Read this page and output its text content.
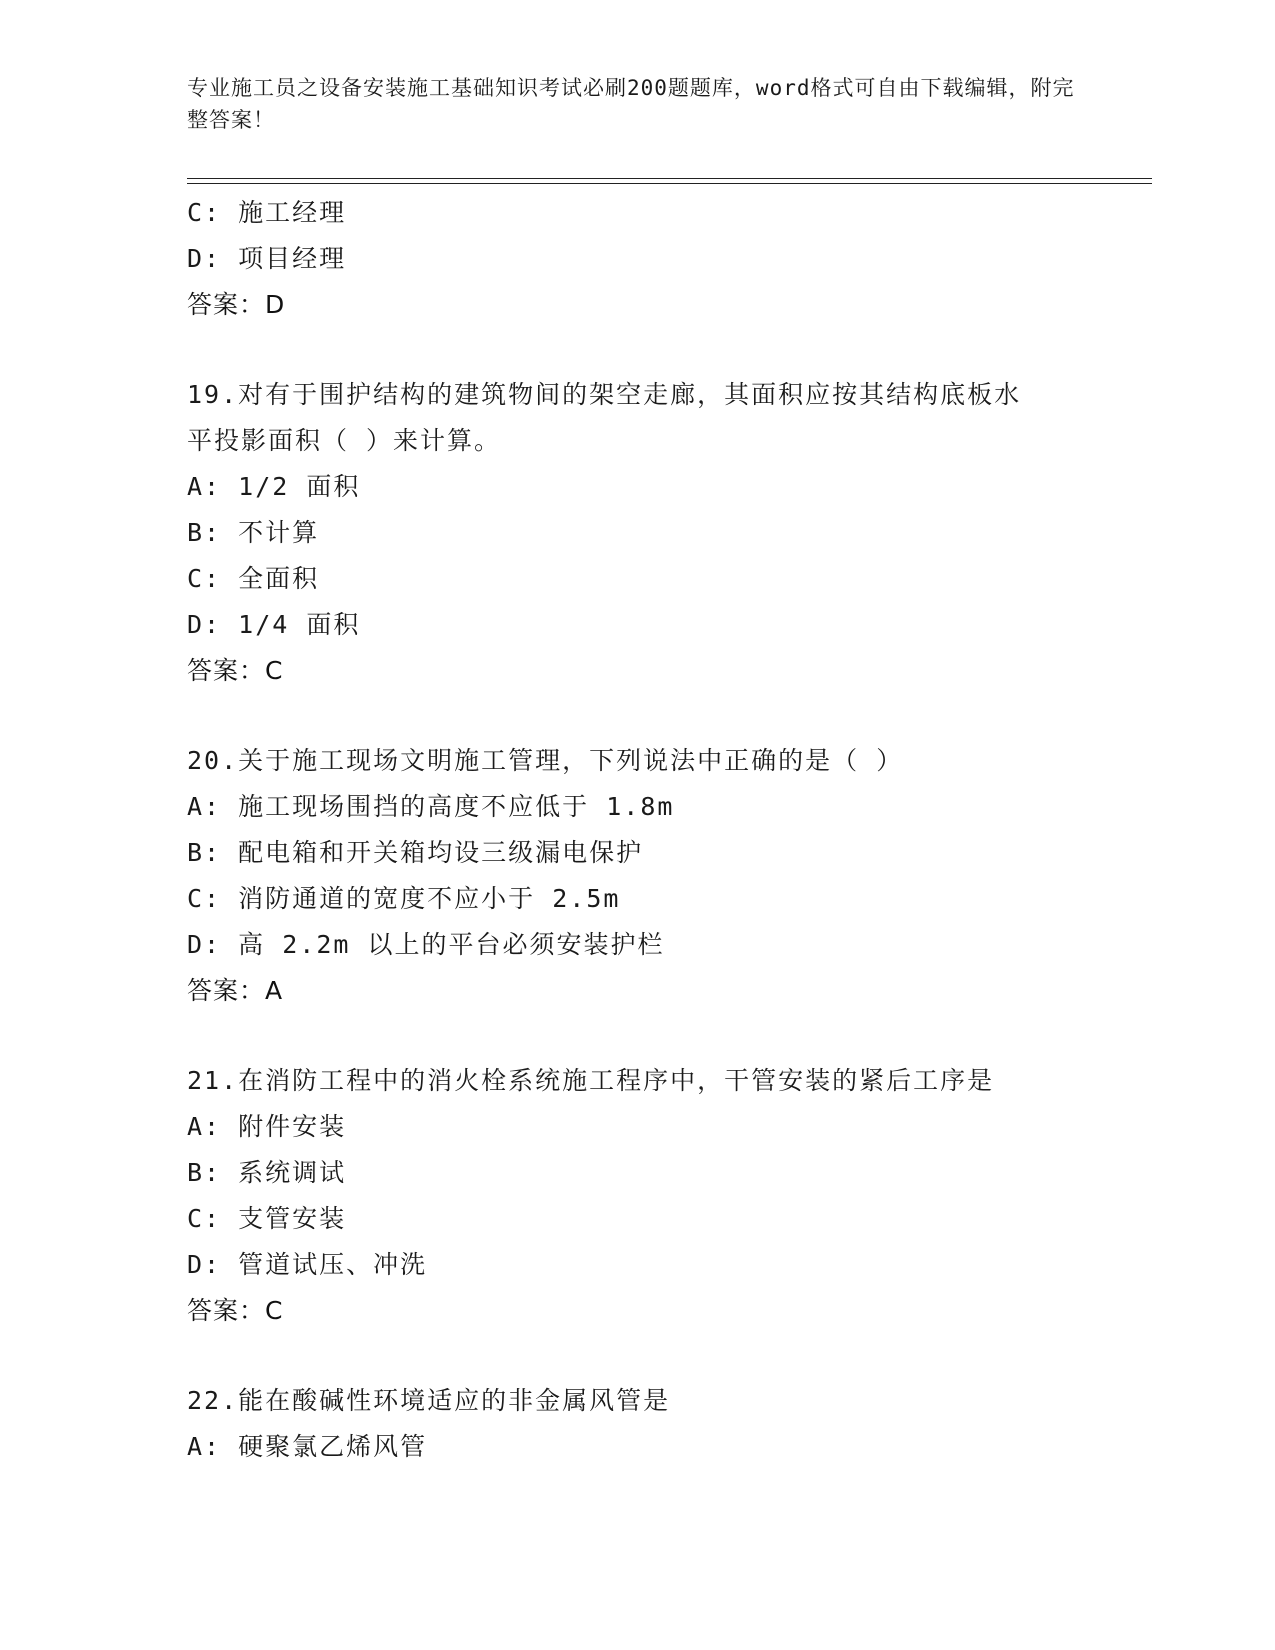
专业施工员之设备安装施工基础知识考试必刷200题题库，word格式可自由下载编辑，附完整答案！
C: 施工经理
D: 项目经理
答案：D
19.对有于围护结构的建筑物间的架空走廊，其面积应按其结构底板水
平投影面积（ ）来计算。
A: 1/2 面积
B: 不计算
C: 全面积
D: 1/4 面积
答案：C
20.关于施工现场文明施工管理，下列说法中正确的是（ ）
A: 施工现场围挡的高度不应低于 1.8m
B: 配电箱和开关箱均设三级漏电保护
C: 消防通道的宽度不应小于 2.5m
D: 高 2.2m 以上的平台必须安装护栏
答案：A
21.在消防工程中的消火栓系统施工程序中，干管安装的紧后工序是
A: 附件安装
B: 系统调试
C: 支管安装
D: 管道试压、冲洗
答案：C
22.能在酸碱性环境适应的非金属风管是
A: 硬聚氯乙烯风管
